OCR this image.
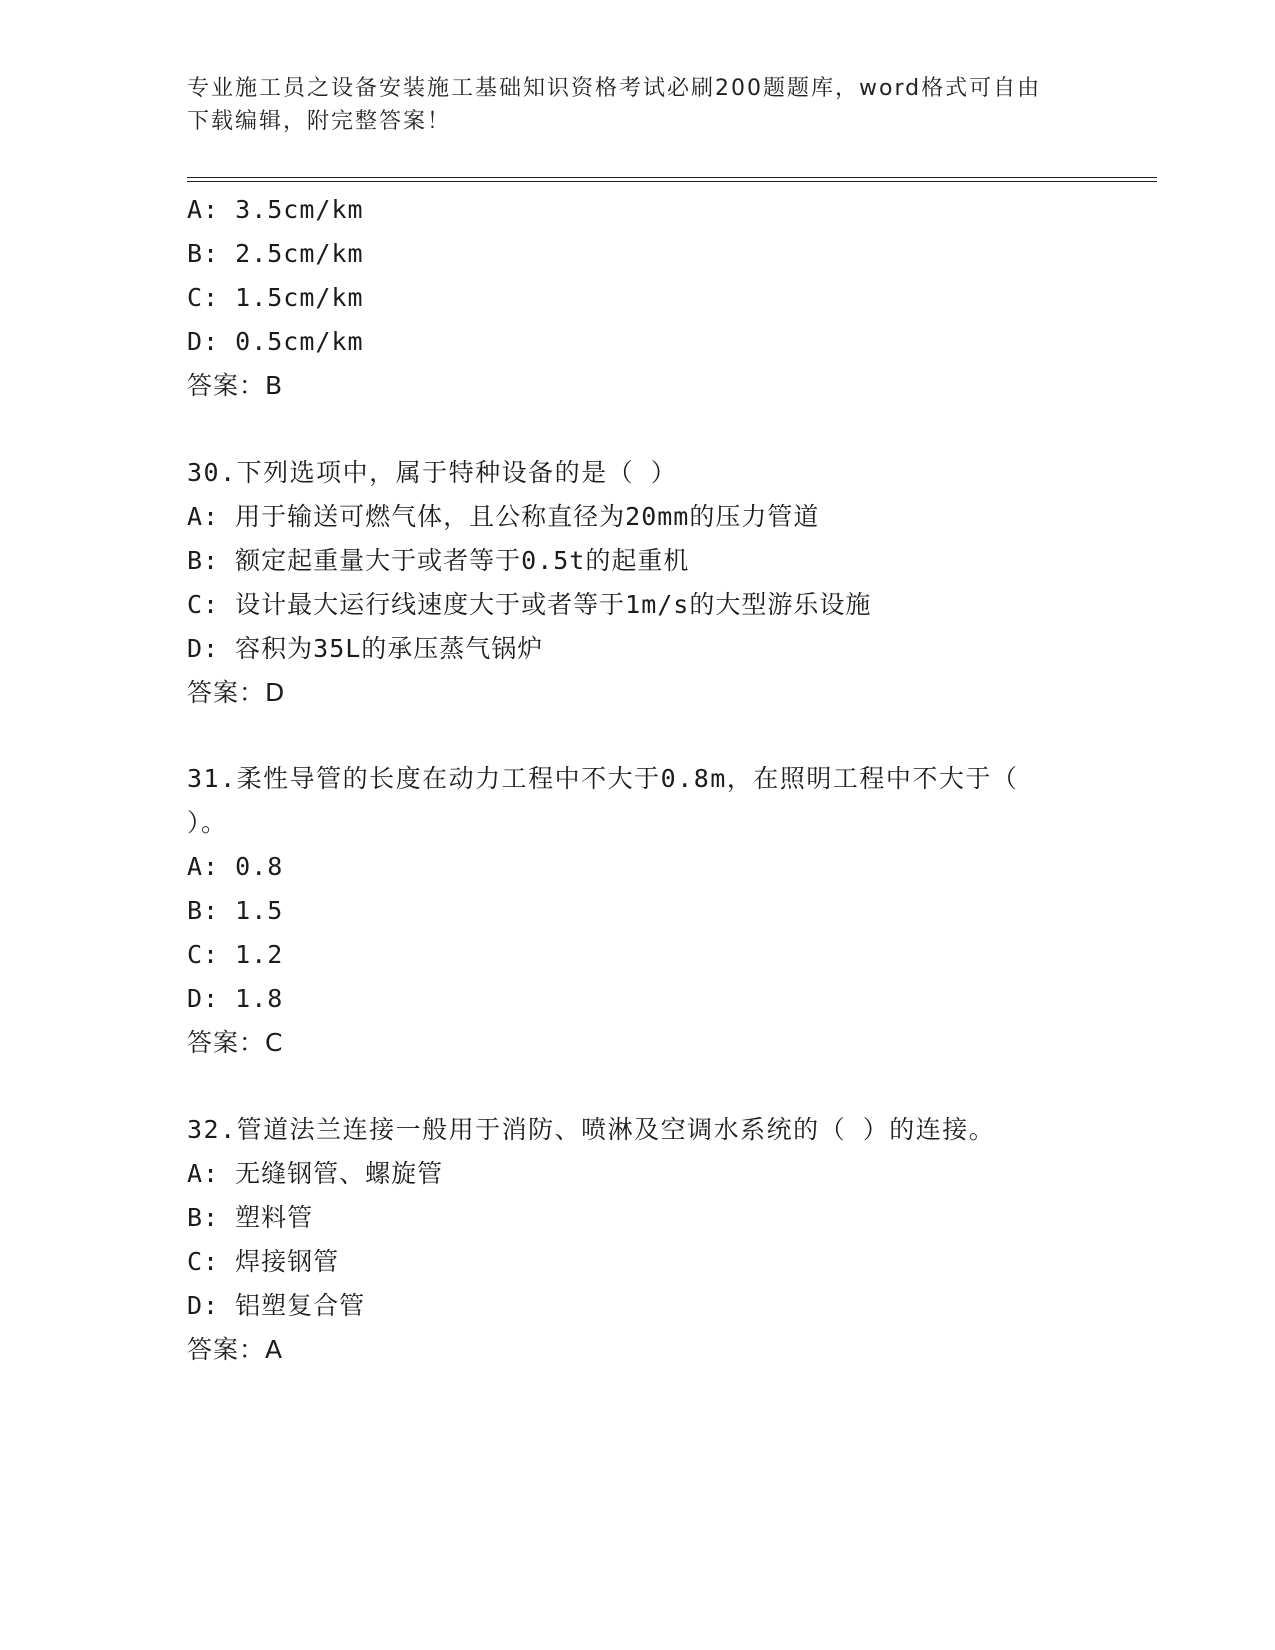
专业施工员之设备安装施工基础知识资格考试必刷200题题库，word格式可自由
下载编辑，附完整答案！
A: 3.5cm/km
B: 2.5cm/km
C: 1.5cm/km
D: 0.5cm/km
答案：B
30.下列选项中，属于特种设备的是（ ）
A: 用于输送可燃气体，且公称直径为20mm的压力管道
B: 额定起重量大于或者等于0.5t的起重机
C: 设计最大运行线速度大于或者等于1m/s的大型游乐设施
D: 容积为35L的承压蒸气锅炉
答案：D
31.柔性导管的长度在动力工程中不大于0.8m，在照明工程中不大于（
）。
A: 0.8
B: 1.5
C: 1.2
D: 1.8
答案：C
32.管道法兰连接一般用于消防、喷淋及空调水系统的（ ）的连接。
A: 无缝钢管、螺旋管
B: 塑料管
C: 焊接钢管
D: 铝塑复合管
答案：A
